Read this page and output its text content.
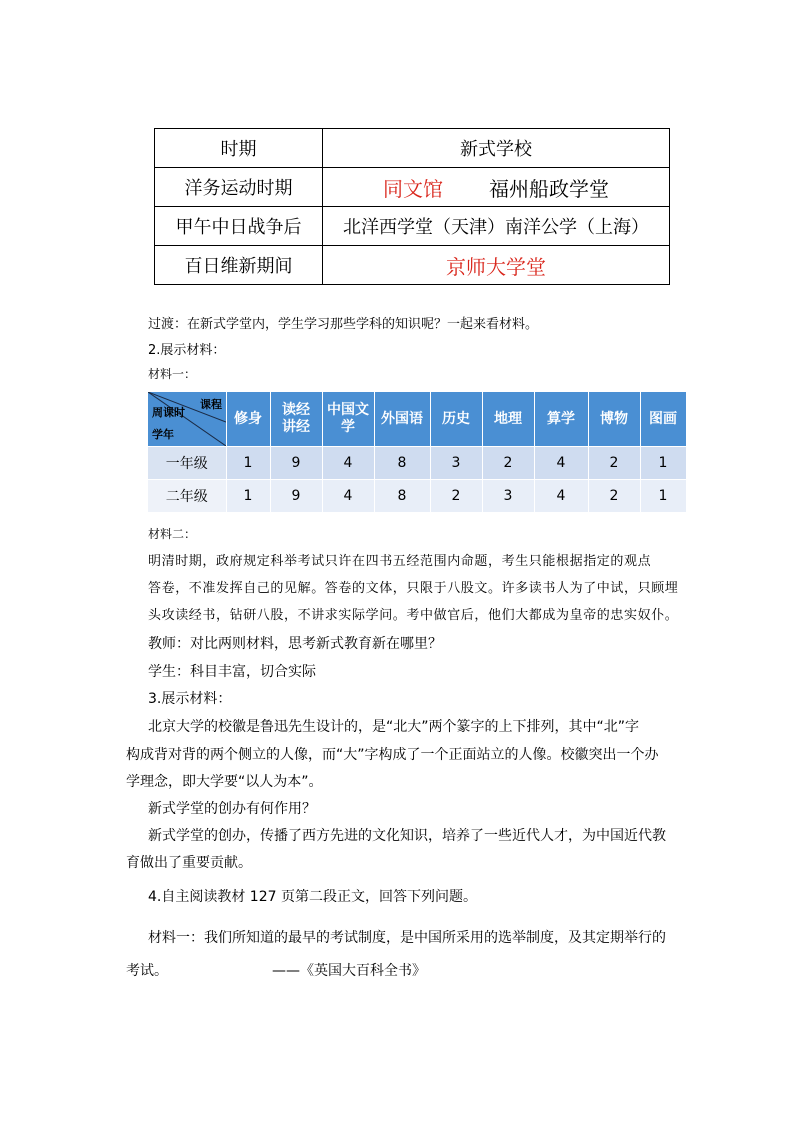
时期	新式学校
洋务运动时期	同文馆 福州船政学堂
甲午中日战争后	北洋西学堂（天津）南洋公学（上海）
百日维新期间	京师大学堂
过渡：在新式学堂内，学生学习那些学科的知识呢？一起来看材料。
2.展示材料：
材料一：
课程
周课时
学年	修身	读经讲经	中国文学	外国语	历史	地理	算学	博物	图画
一年级	1	9	4	8	3	2	4	2	1
二年级	1	9	4	8	2	3	4	2	1
材料二：
明清时期，政府规定科举考试只许在四书五经范围内命题，考生只能根据指定的观点
答卷，不准发挥自己的见解。答卷的文体，只限于八股文。许多读书人为了中试，只顾埋
头攻读经书，钻研八股，不讲求实际学问。考中做官后，他们大都成为皇帝的忠实奴仆。
教师：对比两则材料，思考新式教育新在哪里？
学生：科目丰富，切合实际
3.展示材料：
北京大学的校徽是鲁迅先生设计的，是“北大”两个篆字的上下排列，其中“北”字
构成背对背的两个侧立的人像，而“大”字构成了一个正面站立的人像。校徽突出一个办
学理念，即大学要“以人为本”。
新式学堂的创办有何作用？
新式学堂的创办，传播了西方先进的文化知识，培养了一些近代人才，为中国近代教
育做出了重要贡献。
4.自主阅读教材 127 页第二段正文，回答下列问题。
材料一：我们所知道的最早的考试制度，是中国所采用的选举制度，及其定期举行的
考试。	——《英国大百科全书》
